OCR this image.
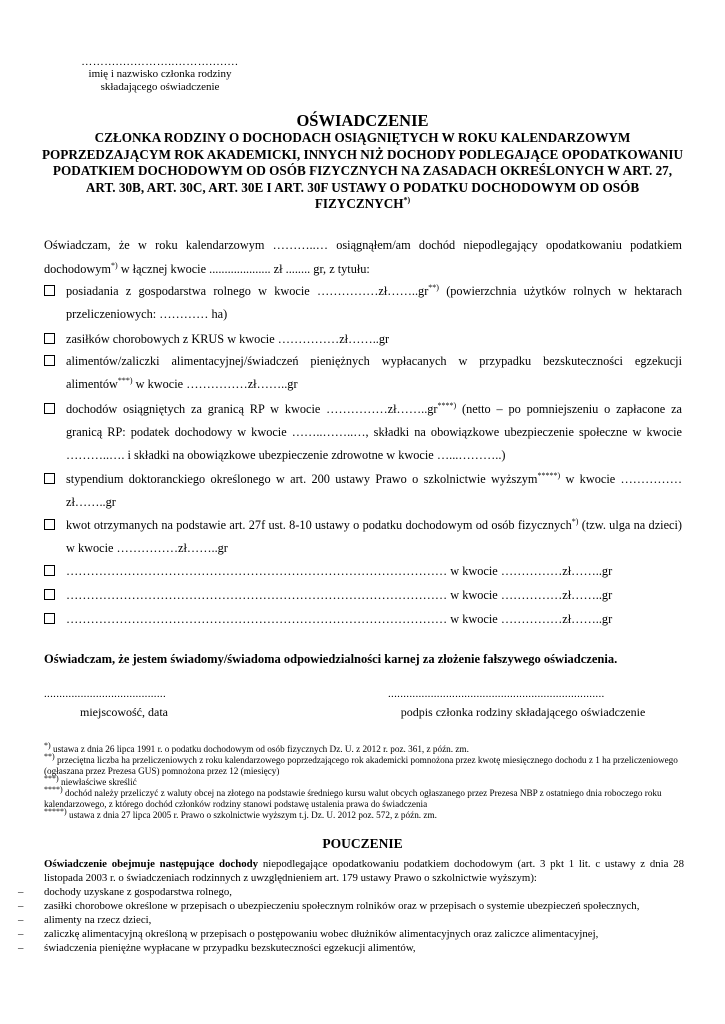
……….….………..……….….…
imię i nazwisko członka rodziny
składającego oświadczenie
OŚWIADCZENIE
CZŁONKA RODZINY O DOCHODACH OSIĄGNIĘTYCH W ROKU KALENDARZOWYM POPRZEDZAJĄCYM ROK AKADEMICKI, INNYCH NIŻ DOCHODY PODLEGAJĄCE OPODATKOWANIU PODATKIEM DOCHODOWYM OD OSÓB FIZYCZNYCH NA ZASADACH OKREŚLONYCH W ART. 27, ART. 30B, ART. 30C, ART. 30E I ART. 30F USTAWY O PODATKU DOCHODOWYM OD OSÓB FIZYCZNYCH*)
Oświadczam, że w roku kalendarzowym ………..… osiągnąłem/am dochód niepodlegający opodatkowaniu podatkiem dochodowym*) w łącznej kwocie .................... zł ........ gr, z tytułu:
posiadania z gospodarstwa rolnego w kwocie ……………zł……..gr**) (powierzchnia użytków rolnych w hektarach przeliczeniowych: ………… ha)
zasiłków chorobowych z KRUS w kwocie ……………zł……..gr
alimentów/zaliczki alimentacyjnej/świadczeń pieniężnych wypłacanych w przypadku bezskuteczności egzekucji alimentów***) w kwocie ……………zł……..gr
dochodów osiągniętych za granicą RP w kwocie ……………zł……..gr****) (netto – po pomniejszeniu o zapłacone za granicą RP: podatek dochodowy w kwocie ……..……..…, składki na obowiązkowe ubezpieczenie społeczne w kwocie ………..…. i składki na obowiązkowe ubezpieczenie zdrowotne w kwocie …...………..)
stypendium doktoranckiego określonego w art. 200 ustawy Prawo o szkolnictwie wyższym*****) w kwocie ……………zł……..gr
kwot otrzymanych na podstawie art. 27f ust. 8-10 ustawy o podatku dochodowym od osób fizycznych*) (tzw. ulga na dzieci) w kwocie ……………zł……..gr
………………………………………………………………………………… w kwocie ……………zł……..gr
………………………………………………………………………………… w kwocie ……………zł……..gr
………………………………………………………………………………… w kwocie ……………zł……..gr
Oświadczam, że jestem świadomy/świadoma odpowiedzialności karnej za złożenie fałszywego oświadczenia.
........................................	.......................................................................
miejscowość, data	podpis członka rodziny składającego oświadczenie
*) ustawa z dnia 26 lipca 1991 r. o podatku dochodowym od osób fizycznych Dz. U. z 2012 r. poz. 361, z późn. zm.
**) przeciętna liczba ha przeliczeniowych z roku kalendarzowego poprzedzającego rok akademicki pomnożona przez kwotę miesięcznego dochodu z 1 ha przeliczeniowego (ogłaszana przez Prezesa GUS) pomnożona przez 12 (miesięcy)
***) niewłaściwe skreślić
****) dochód należy przeliczyć z waluty obcej na złotego na podstawie średniego kursu walut obcych ogłaszanego przez Prezesa NBP z ostatniego dnia roboczego roku kalendarzowego, z którego dochód członków rodziny stanowi podstawę ustalenia prawa do świadczenia
*****) ustawa z dnia 27 lipca 2005 r. Prawo o szkolnictwie wyższym t.j. Dz. U. 2012 poz. 572, z późn. zm.
POUCZENIE
Oświadczenie obejmuje następujące dochody niepodlegające opodatkowaniu podatkiem dochodowym (art. 3 pkt 1 lit. c ustawy z dnia 28 listopada 2003 r. o świadczeniach rodzinnych z uwzględnieniem art. 179 ustawy Prawo o szkolnictwie wyższym):
– dochody uzyskane z gospodarstwa rolnego,
– zasiłki chorobowe określone w przepisach o ubezpieczeniu społecznym rolników oraz w przepisach o systemie ubezpieczeń społecznych,
– alimenty na rzecz dzieci,
– zaliczkę alimentacyjną określoną w przepisach o postępowaniu wobec dłużników alimentacyjnych oraz zaliczce alimentacyjnej,
– świadczenia pieniężne wypłacane w przypadku bezskuteczności egzekucji alimentów,
